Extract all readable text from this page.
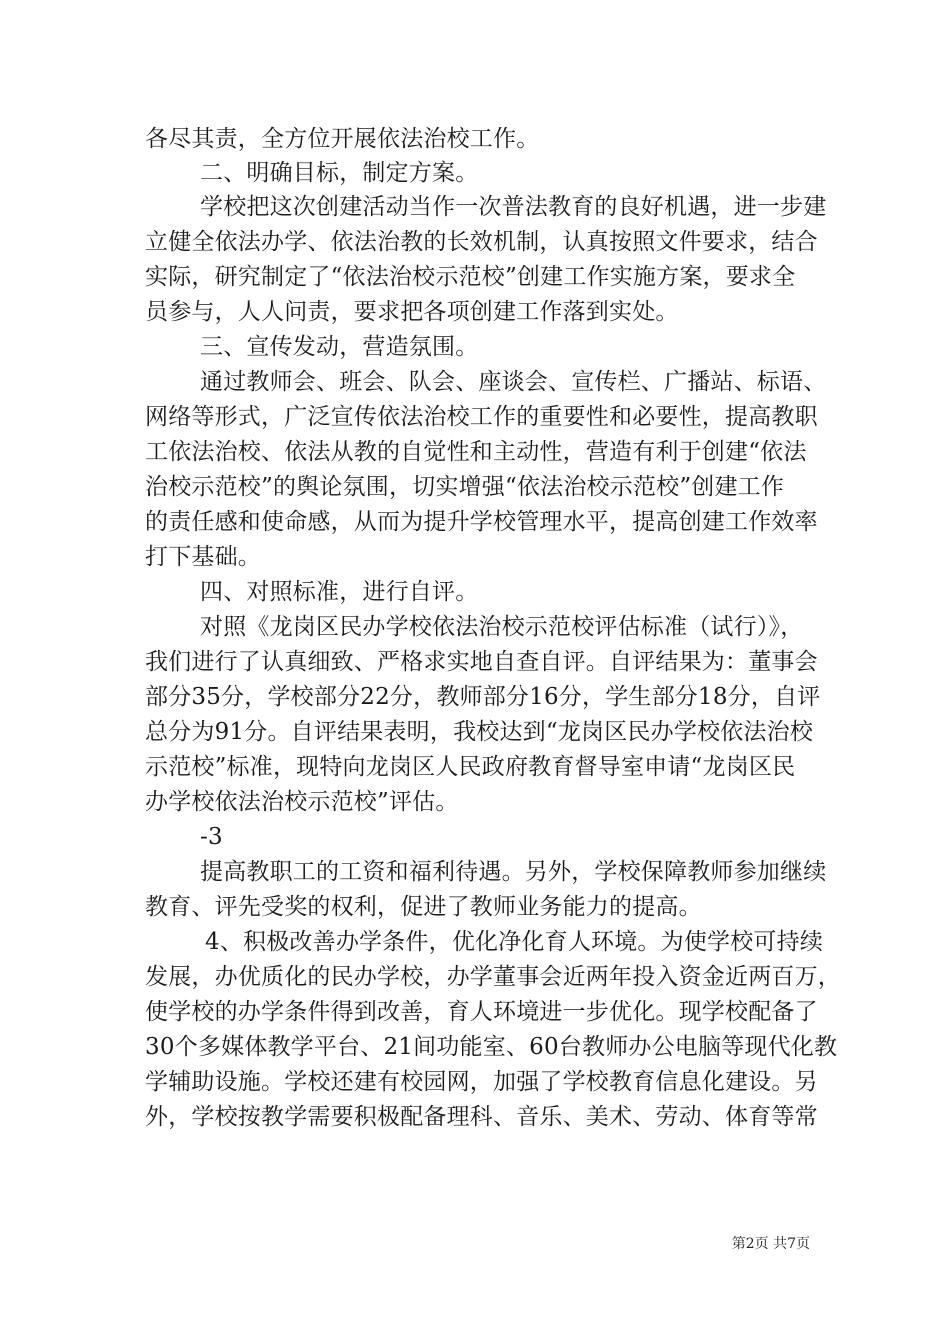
各尽其责，全方位开展依法治校工作。
二、明确目标，制定方案。
学校把这次创建活动当作一次普法教育的良好机遇，进一步建
立健全依法办学、依法治教的长效机制，认真按照文件要求，结合
实际，研究制定了“依法治校示范校”创建工作实施方案，要求全
员参与，人人问责，要求把各项创建工作落到实处。
三、宣传发动，营造氛围。
通过教师会、班会、队会、座谈会、宣传栏、广播站、标语、
网络等形式，广泛宣传依法治校工作的重要性和必要性，提高教职
工依法治校、依法从教的自觉性和主动性，营造有利于创建“依法
治校示范校”的舆论氛围，切实增强“依法治校示范校”创建工作
的责任感和使命感，从而为提升学校管理水平，提高创建工作效率
打下基础。
四、对照标准，进行自评。
对照《龙岗区民办学校依法治校示范校评估标准（试行）》，
我们进行了认真细致、严格求实地自查自评。自评结果为：董事会
部分35分，学校部分22分，教师部分16分，学生部分18分，自评
总分为91分。自评结果表明，我校达到“龙岗区民办学校依法治校
示范校”标准，现特向龙岗区人民政府教育督导室申请“龙岗区民
办学校依法治校示范校”评估。
-3
提高教职工的工资和福利待遇。另外，学校保障教师参加继续
教育、评先受奖的权利，促进了教师业务能力的提高。
4、积极改善办学条件，优化净化育人环境。为使学校可持续
发展，办优质化的民办学校，办学董事会近两年投入资金近两百万，
使学校的办学条件得到改善，育人环境进一步优化。现学校配备了
30个多媒体教学平台、21间功能室、60台教师办公电脑等现代化教
学辅助设施。学校还建有校园网，加强了学校教育信息化建设。另
外，学校按教学需要积极配备理科、音乐、美术、劳动、体育等常
第2页 共7页
